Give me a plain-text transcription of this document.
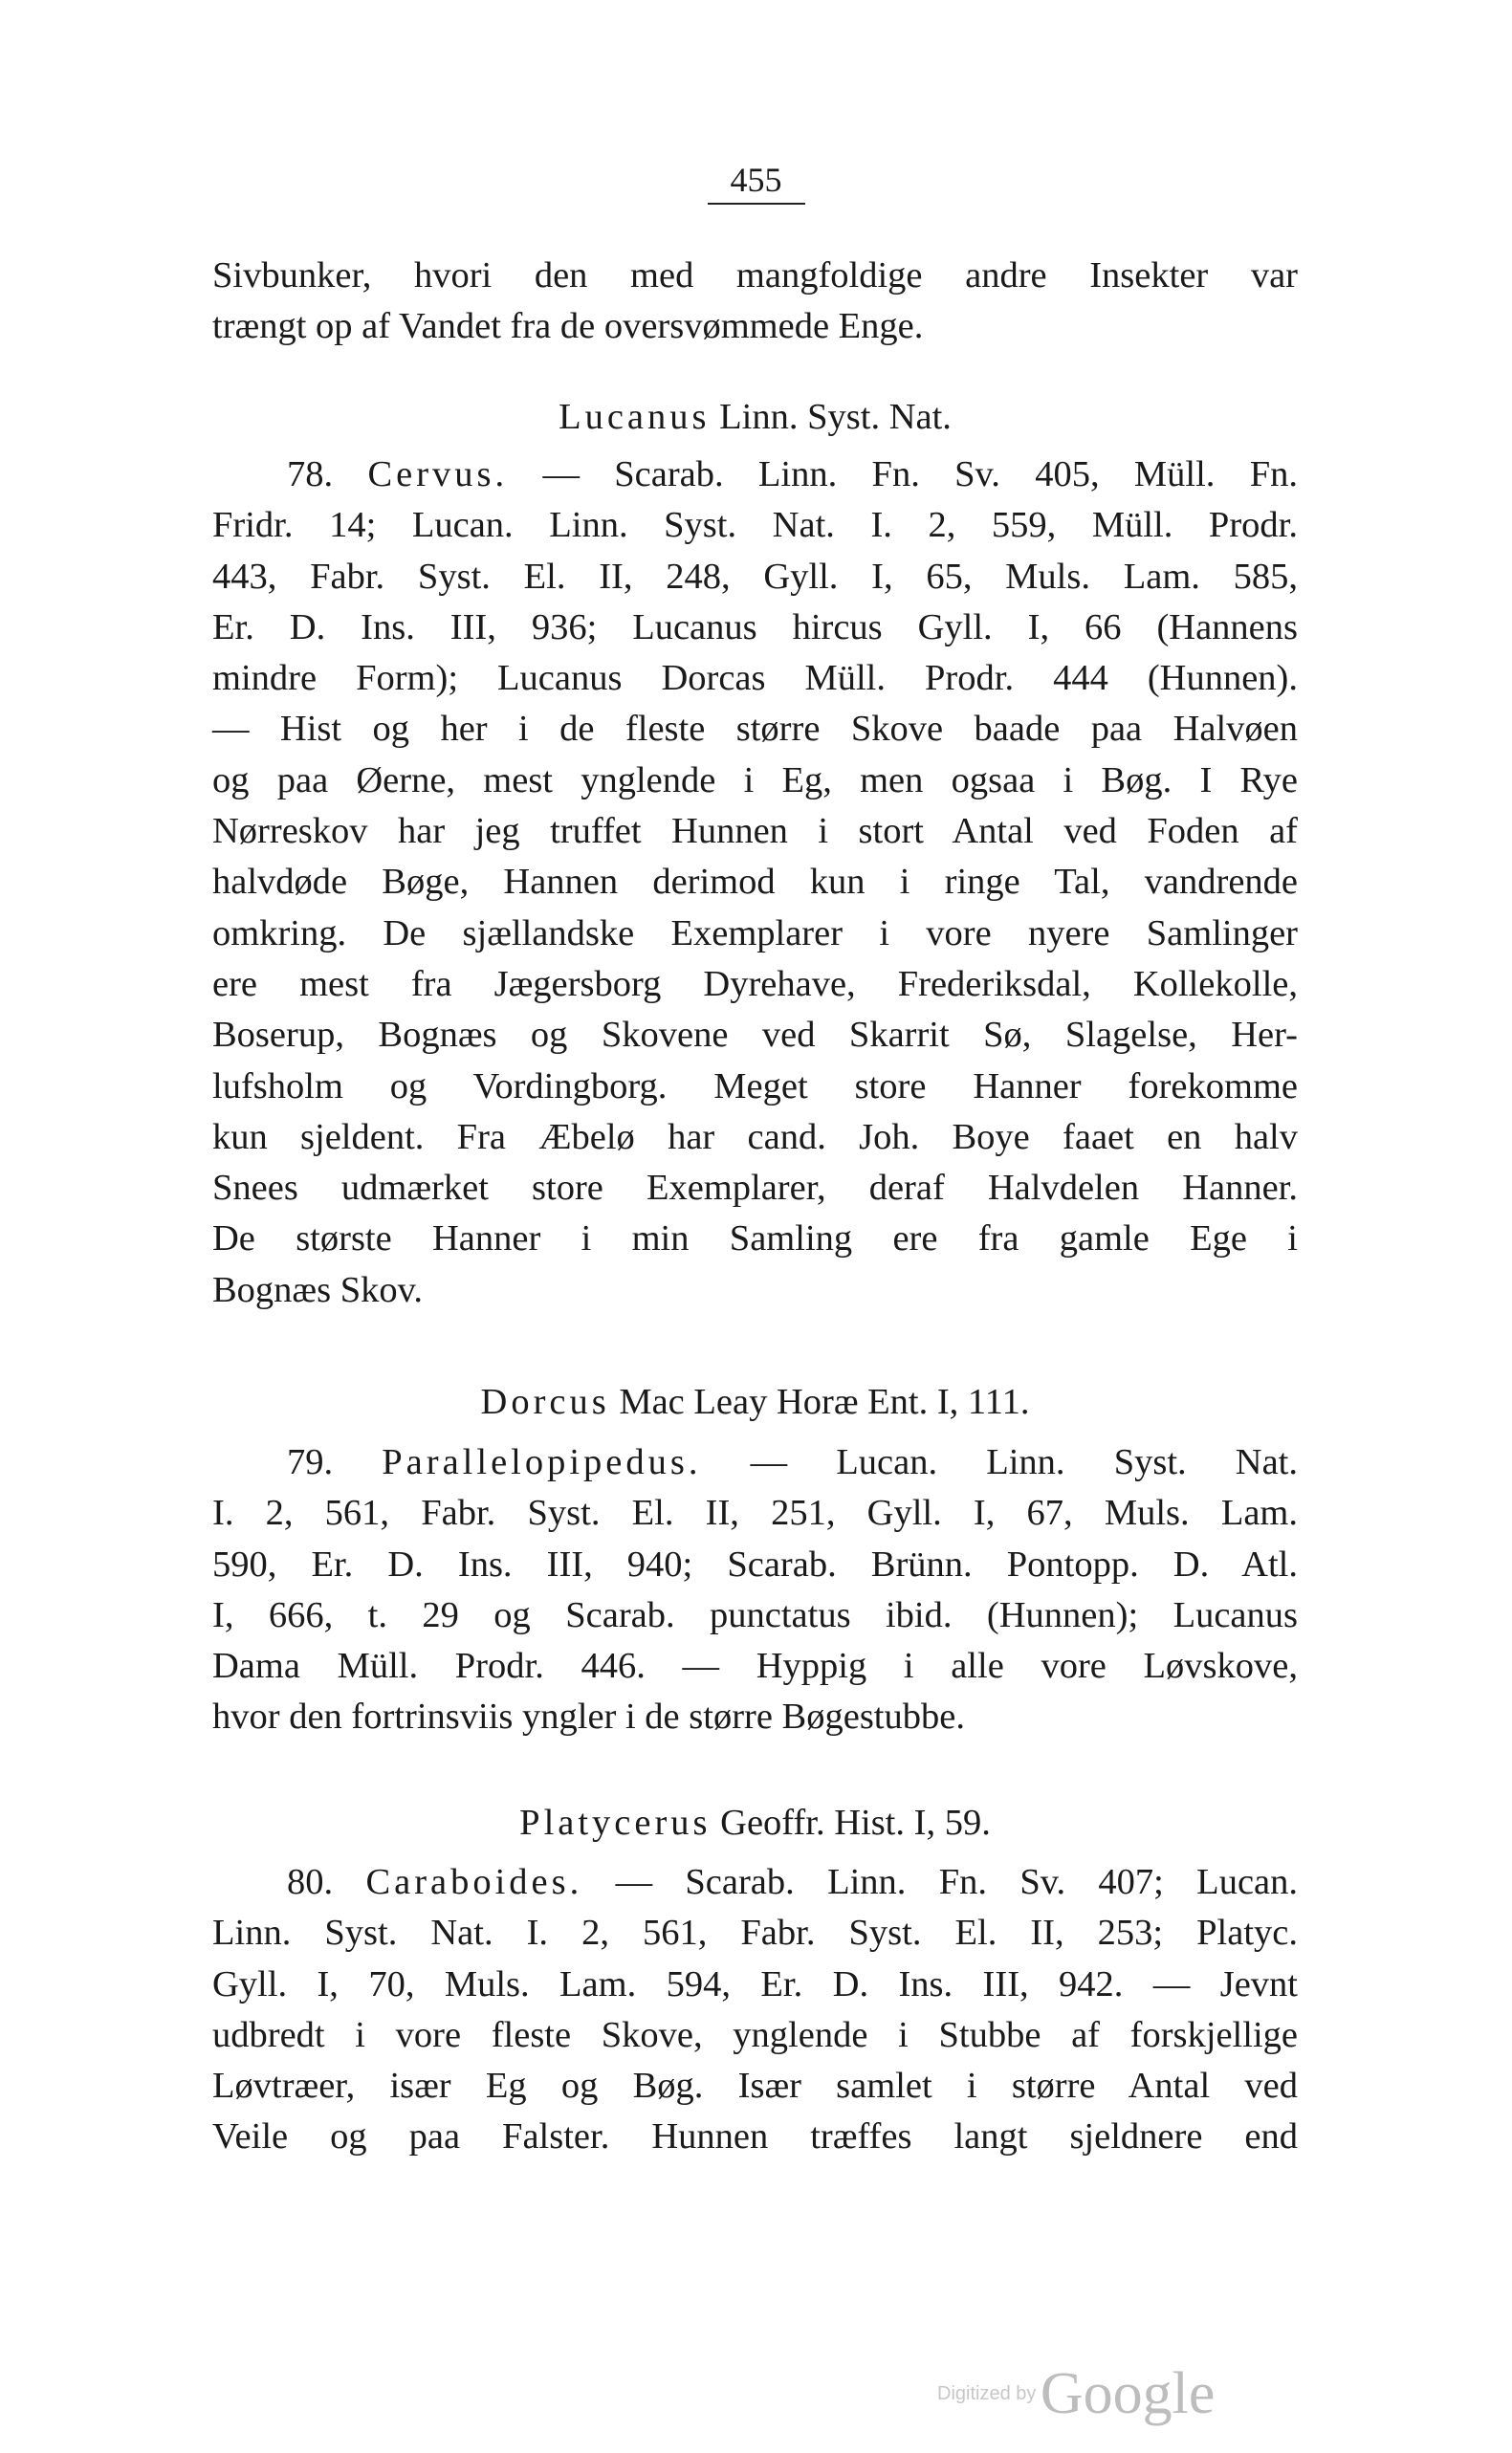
455
Sivbunker, hvori den med mangfoldige andre Insekter var
trængt op af Vandet fra de oversvømmede Enge.
Lucanus Linn. Syst. Nat.
78. Cervus. — Scarab. Linn. Fn. Sv. 405, Müll. Fn.
Fridr. 14; Lucan. Linn. Syst. Nat. I. 2, 559, Müll. Prodr.
443, Fabr. Syst. El. II, 248, Gyll. I, 65, Muls. Lam. 585,
Er. D. Ins. III, 936; Lucanus hircus Gyll. I, 66 (Hannens
mindre Form); Lucanus Dorcas Müll. Prodr. 444 (Hunnen).
— Hist og her i de fleste større Skove baade paa Halvøen
og paa Øerne, mest ynglende i Eg, men ogsaa i Bøg. I Rye
Nørreskov har jeg truffet Hunnen i stort Antal ved Foden af
halvdøde Bøge, Hannen derimod kun i ringe Tal, vandrende
omkring. De sjællandske Exemplarer i vore nyere Samlinger
ere mest fra Jægersborg Dyrehave, Frederiksdal, Kollekolle,
Boserup, Bognæs og Skovene ved Skarrit Sø, Slagelse, Her-
lufsholm og Vordingborg. Meget store Hanner forekomme
kun sjeldent. Fra Æbelø har cand. Joh. Boye faaet en halv
Snees udmærket store Exemplarer, deraf Halvdelen Hanner.
De største Hanner i min Samling ere fra gamle Ege i
Bognæs Skov.
Dorcus Mac Leay Horæ Ent. I, 111.
79. Parallelopipedus. — Lucan. Linn. Syst. Nat.
I. 2, 561, Fabr. Syst. El. II, 251, Gyll. I, 67, Muls. Lam.
590, Er. D. Ins. III, 940; Scarab. Brünn. Pontopp. D. Atl.
I, 666, t. 29 og Scarab. punctatus ibid. (Hunnen); Lucanus
Dama Müll. Prodr. 446. — Hyppig i alle vore Løvskove,
hvor den fortrinsviis yngler i de større Bøgestubbe.
Platycerus Geoffr. Hist. I, 59.
80. Caraboides. — Scarab. Linn. Fn. Sv. 407; Lucan.
Linn. Syst. Nat. I. 2, 561, Fabr. Syst. El. II, 253; Platyc.
Gyll. I, 70, Muls. Lam. 594, Er. D. Ins. III, 942. — Jevnt
udbredt i vore fleste Skove, ynglende i Stubbe af forskjellige
Løvtræer, især Eg og Bøg. Især samlet i større Antal ved
Veile og paa Falster. Hunnen træffes langt sjeldnere end
Digitized by Google
